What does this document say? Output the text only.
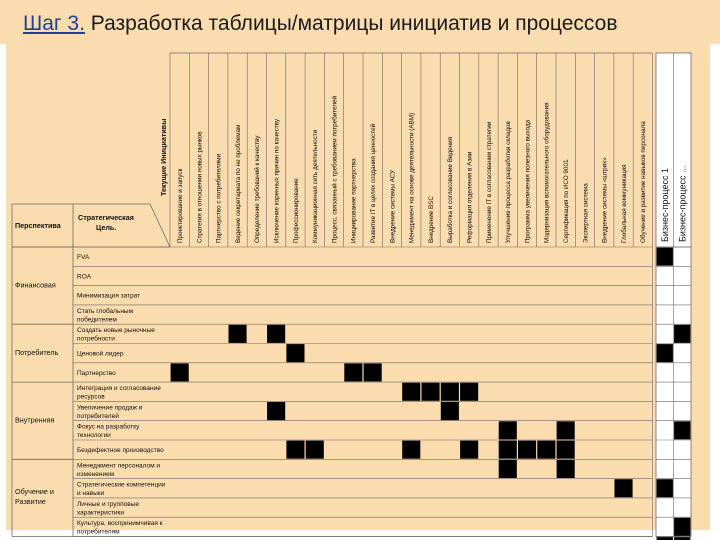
Шаг 3. Разработка таблицы/матрицы инициатив и процессов
Текущие Инициативы
Перспектива
Стратегическая Цель.	Проектирование и запуск Стратегия в отношении новых рынков Партнерство с потребителями Ведение секретариата по не проблемам Определение требований к качеству Исключение коренных причин по качеству Профессионирование Коммуникационная сеть деятельности Процесс, связанный с требованием потребителей Инициирование партнерства Развитие IT в целях создания ценностей Внедрение системы АСУ Менеджмент на основе деятельности (ABM) Внедрение BSC Выработка и согласование Видения Реформация отделения в Азии Применение IT в согласовании стратегии Улучшение процесса разработки складов Программа увеличения полезного выхода Модернизация вспомогательного оборудования Сертификация по ИСО 9001 Экспертная система Внедрение системы «штрих» Глобальная коммуникация Обучение и развитие навыков персонала
Финансовая
Потребитель
Внутренняя
Обучение и Развитие
FVA
ROA
Минимизация затрат
Стать глобальным победителем
Создать новые рыночные потребности
Ценовой лидер
Партнерство
Интеграция и согласование ресурсов
Увеличение продаж и потребителей
Фокус на разработку технологии
Бездефектное производство
Менеджмент персоналом и изменением
Стратегические компетенции и навыки
Личные и групповые характеристики
Культура, воспринимчивая к потребителям
Бизнес-процесс 1 Бизнес-процесс ...
